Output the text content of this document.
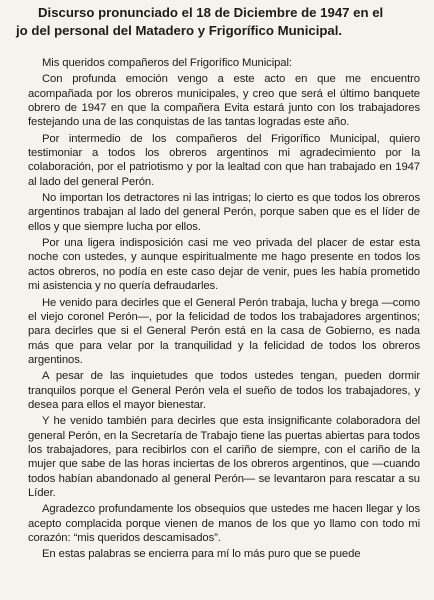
Discurso pronunciado el 18 de Diciembre de 1947 en el
jo del personal del Matadero y Frigorífico Municipal.

Mis queridos compañeros del Frigorífico Municipal:

Con profunda emoción vengo a este acto en que me encuentro acompañada por los obreros municipales, y creo que será el último banquete obrero de 1947 en que la compañera Evita estará junto con los trabajadores festejando una de las conquistas de las tantas logradas este año.

Por intermedio de los compañeros del Frigorífico Municipal, quiero testimoniar a todos los obreros argentinos mi agradecimiento por la colaboración, por el patriotismo y por la lealtad con que han trabajado en 1947 al lado del general Perón.

No importan los detractores ni las intrigas; lo cierto es que todos los obreros argentinos trabajan al lado del general Perón, porque saben que es el líder de ellos y que siempre lucha por ellos.

Por una ligera indisposición casi me veo privada del placer de estar esta noche con ustedes, y aunque espiritualmente me hago presente en todos los actos obreros, no podía en este caso dejar de venir, pues les había prometido mi asistencia y no quería defraudarles.

He venido para decirles que el General Perón trabaja, lucha y brega —como el viejo coronel Perón—, por la felicidad de todos los trabajadores argentinos; para decirles que si el General Perón está en la casa de Gobierno, es nada más que para velar por la tranquilidad y la felicidad de todos los obreros argentinos.

A pesar de las inquietudes que todos ustedes tengan, pueden dormir tranquilos porque el General Perón vela el sueño de todos los trabajadores, y desea para ellos el mayor bienestar.

Y he venido también para decirles que esta insignificante colaboradora del general Perón, en la Secretaría de Trabajo tiene las puertas abiertas para todos los trabajadores, para recibirlos con el cariño de siempre, con el cariño de la mujer que sabe de las horas inciertas de los obreros argentinos, que —cuando todos habían abandonado al general Perón— se levantaron para rescatar a su Líder.

Agradezco profundamente los obsequios que ustedes me hacen llegar y los acepto complacida porque vienen de manos de los que yo llamo con todo mi corazón: “mis queridos descamisados”.

En estas palabras se encierra para mí lo más puro que se puede
